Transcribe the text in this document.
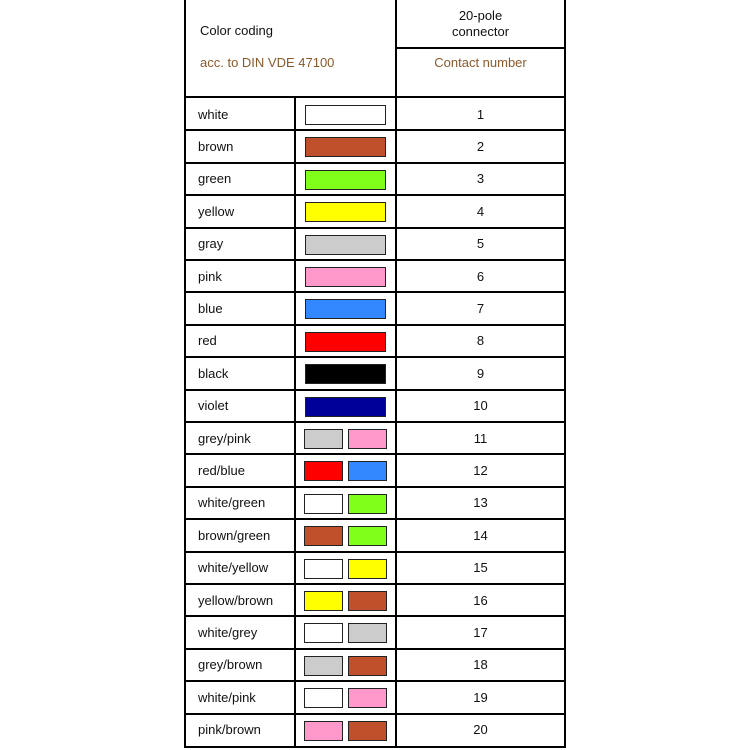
Color coding
acc. to DIN VDE 47100
20-pole connector
Contact number
white	1
brown	2
green	3
yellow	4
gray	5
pink	6
blue	7
red	8
black	9
violet	10
grey/pink	11
red/blue	12
white/green	13
brown/green	14
white/yellow	15
yellow/brown	16
white/grey	17
grey/brown	18
white/pink	19
pink/brown	20
